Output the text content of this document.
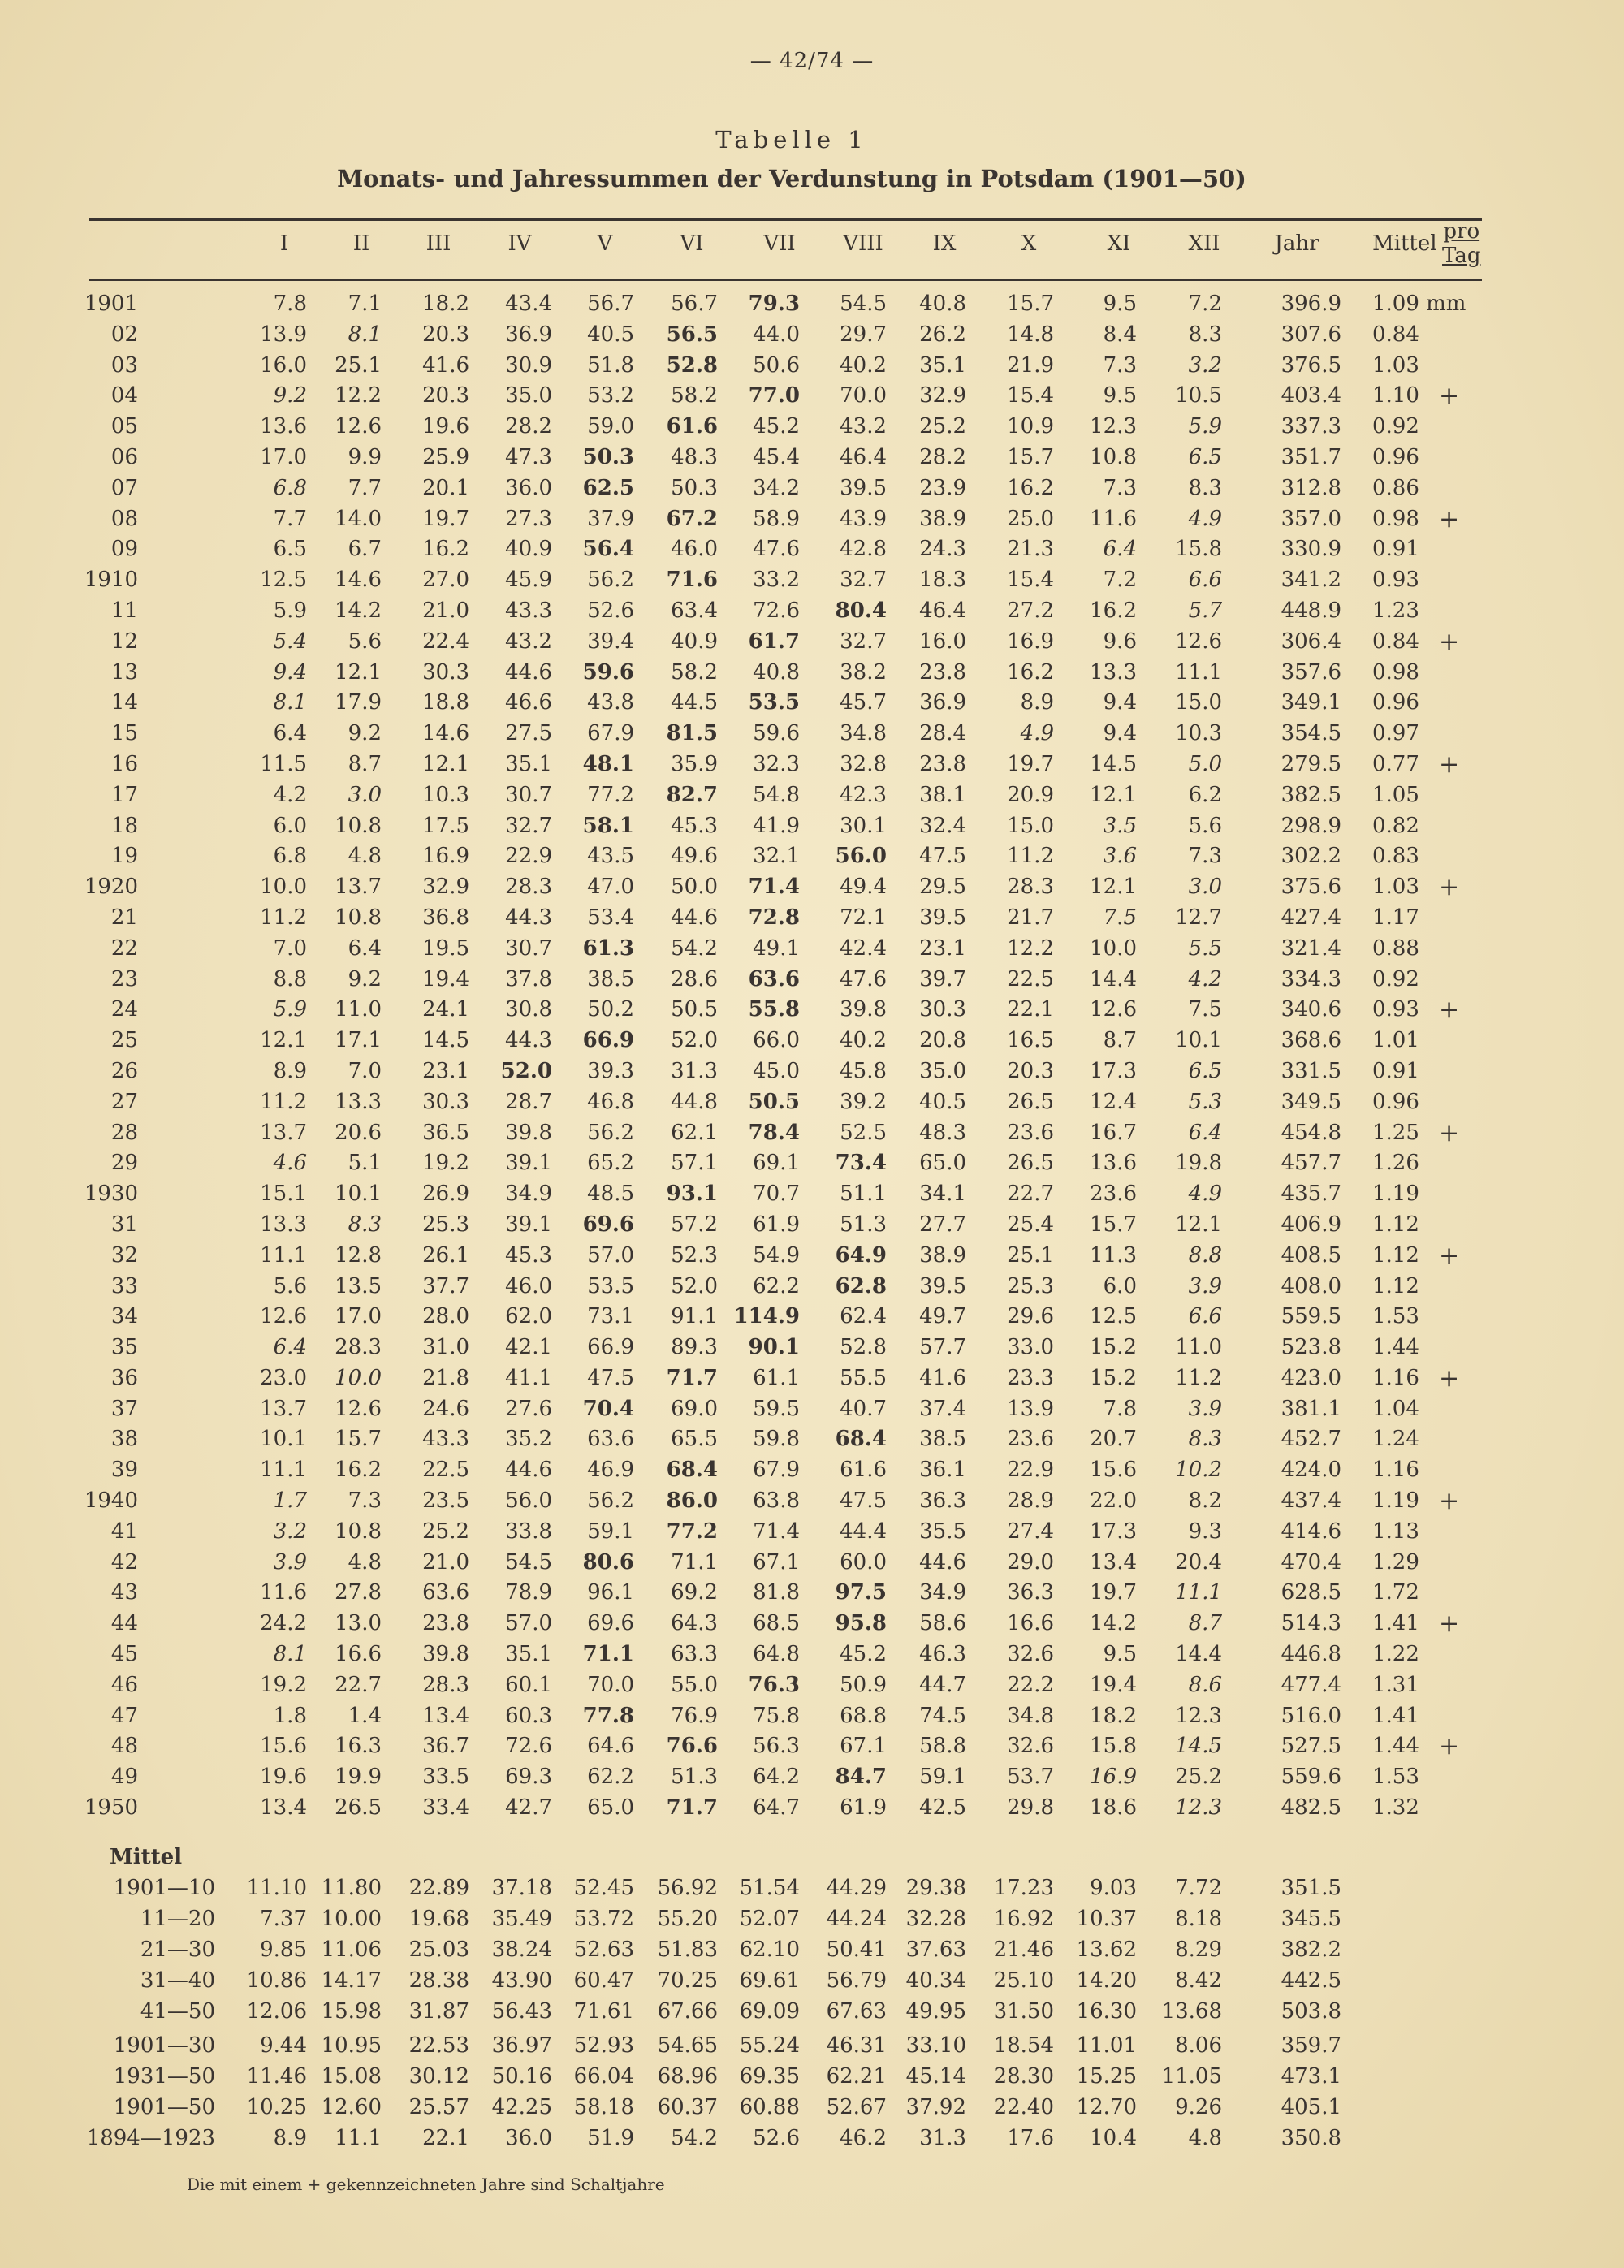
— 42/74 —
Tabelle 1
Monats- und Jahressummen der Verdunstung in Potsdam (1901—50)
I	II	III	IV	V	VI	VII	VIII	IX	X	XI	XII	Jahr	Mittel pro Tag
1901	7.8	7.1	18.2	43.4	56.7	56.7	79.3	54.5	40.8	15.7	9.5	7.2	396.9 1.09 mm
02	13.9	8.1	20.3	36.9	40.5	56.5	44.0	29.7	26.2	14.8	8.4	8.3	307.6 0.84
03	16.0	25.1	41.6	30.9	51.8	52.8	50.6	40.2	35.1	21.9	7.3	3.2	376.5 1.03
04	9.2	12.2	20.3	35.0	53.2	58.2	77.0	70.0	32.9	15.4	9.5	10.5	403.4 1.10 +
05	13.6	12.6	19.6	28.2	59.0	61.6	45.2	43.2	25.2	10.9	12.3	5.9	337.3 0.92
06	17.0	9.9	25.9	47.3	50.3	48.3	45.4	46.4	28.2	15.7	10.8	6.5	351.7 0.96
07	6.8	7.7	20.1	36.0	62.5	50.3	34.2	39.5	23.9	16.2	7.3	8.3	312.8 0.86
08	7.7	14.0	19.7	27.3	37.9	67.2	58.9	43.9	38.9	25.0	11.6	4.9	357.0 0.98 +
09	6.5	6.7	16.2	40.9	56.4	46.0	47.6	42.8	24.3	21.3	6.4	15.8	330.9 0.91
1910	12.5	14.6	27.0	45.9	56.2	71.6	33.2	32.7	18.3	15.4	7.2	6.6	341.2 0.93
11	5.9	14.2	21.0	43.3	52.6	63.4	72.6	80.4	46.4	27.2	16.2	5.7	448.9 1.23
12	5.4	5.6	22.4	43.2	39.4	40.9	61.7	32.7	16.0	16.9	9.6	12.6	306.4 0.84 +
13	9.4	12.1	30.3	44.6	59.6	58.2	40.8	38.2	23.8	16.2	13.3	11.1	357.6 0.98
14	8.1	17.9	18.8	46.6	43.8	44.5	53.5	45.7	36.9	8.9	9.4	15.0	349.1 0.96
15	6.4	9.2	14.6	27.5	67.9	81.5	59.6	34.8	28.4	4.9	9.4	10.3	354.5 0.97
16	11.5	8.7	12.1	35.1	48.1	35.9	32.3	32.8	23.8	19.7	14.5	5.0	279.5 0.77 +
17	4.2	3.0	10.3	30.7	77.2	82.7	54.8	42.3	38.1	20.9	12.1	6.2	382.5 1.05
18	6.0	10.8	17.5	32.7	58.1	45.3	41.9	30.1	32.4	15.0	3.5	5.6	298.9 0.82
19	6.8	4.8	16.9	22.9	43.5	49.6	32.1	56.0	47.5	11.2	3.6	7.3	302.2 0.83
1920	10.0	13.7	32.9	28.3	47.0	50.0	71.4	49.4	29.5	28.3	12.1	3.0	375.6 1.03 +
21	11.2	10.8	36.8	44.3	53.4	44.6	72.8	72.1	39.5	21.7	7.5	12.7	427.4 1.17
22	7.0	6.4	19.5	30.7	61.3	54.2	49.1	42.4	23.1	12.2	10.0	5.5	321.4 0.88
23	8.8	9.2	19.4	37.8	38.5	28.6	63.6	47.6	39.7	22.5	14.4	4.2	334.3 0.92
24	5.9	11.0	24.1	30.8	50.2	50.5	55.8	39.8	30.3	22.1	12.6	7.5	340.6 0.93 +
25	12.1	17.1	14.5	44.3	66.9	52.0	66.0	40.2	20.8	16.5	8.7	10.1	368.6 1.01
26	8.9	7.0	23.1	52.0	39.3	31.3	45.0	45.8	35.0	20.3	17.3	6.5	331.5 0.91
27	11.2	13.3	30.3	28.7	46.8	44.8	50.5	39.2	40.5	26.5	12.4	5.3	349.5 0.96
28	13.7	20.6	36.5	39.8	56.2	62.1	78.4	52.5	48.3	23.6	16.7	6.4	454.8 1.25 +
29	4.6	5.1	19.2	39.1	65.2	57.1	69.1	73.4	65.0	26.5	13.6	19.8	457.7 1.26
1930	15.1	10.1	26.9	34.9	48.5	93.1	70.7	51.1	34.1	22.7	23.6	4.9	435.7 1.19
31	13.3	8.3	25.3	39.1	69.6	57.2	61.9	51.3	27.7	25.4	15.7	12.1	406.9 1.12
32	11.1	12.8	26.1	45.3	57.0	52.3	54.9	64.9	38.9	25.1	11.3	8.8	408.5 1.12 +
33	5.6	13.5	37.7	46.0	53.5	52.0	62.2	62.8	39.5	25.3	6.0	3.9	408.0 1.12
34	12.6	17.0	28.0	62.0	73.1	91.1 114.9	62.4	49.7	29.6	12.5	6.6	559.5 1.53
35	6.4	28.3	31.0	42.1	66.9	89.3	90.1	52.8	57.7	33.0	15.2	11.0	523.8 1.44
36	23.0	10.0	21.8	41.1	47.5	71.7	61.1	55.5	41.6	23.3	15.2	11.2	423.0 1.16 +
37	13.7	12.6	24.6	27.6	70.4	69.0	59.5	40.7	37.4	13.9	7.8	3.9	381.1 1.04
38	10.1	15.7	43.3	35.2	63.6	65.5	59.8	68.4	38.5	23.6	20.7	8.3	452.7 1.24
39	11.1	16.2	22.5	44.6	46.9	68.4	67.9	61.6	36.1	22.9	15.6	10.2	424.0 1.16
1940	1.7	7.3	23.5	56.0	56.2	86.0	63.8	47.5	36.3	28.9	22.0	8.2	437.4 1.19 +
41	3.2	10.8	25.2	33.8	59.1	77.2	71.4	44.4	35.5	27.4	17.3	9.3	414.6 1.13
42	3.9	4.8	21.0	54.5	80.6	71.1	67.1	60.0	44.6	29.0	13.4	20.4	470.4 1.29
43	11.6	27.8	63.6	78.9	96.1	69.2	81.8	97.5	34.9	36.3	19.7	11.1	628.5 1.72
44	24.2	13.0	23.8	57.0	69.6	64.3	68.5	95.8	58.6	16.6	14.2	8.7	514.3 1.41 +
45	8.1	16.6	39.8	35.1	71.1	63.3	64.8	45.2	46.3	32.6	9.5	14.4	446.8 1.22
46	19.2	22.7	28.3	60.1	70.0	55.0	76.3	50.9	44.7	22.2	19.4	8.6	477.4 1.31
47	1.8	1.4	13.4	60.3	77.8	76.9	75.8	68.8	74.5	34.8	18.2	12.3	516.0 1.41
48	15.6	16.3	36.7	72.6	64.6	76.6	56.3	67.1	58.8	32.6	15.8	14.5	527.5 1.44 +
49	19.6	19.9	33.5	69.3	62.2	51.3	64.2	84.7	59.1	53.7	16.9	25.2	559.6 1.53
1950	13.4	26.5	33.4	42.7	65.0	71.7	64.7	61.9	42.5	29.8	18.6	12.3	482.5 1.32
Mittel
1901—10	11.10 11.80	22.89	37.18	52.45	56.92	51.54	44.29 29.38	17.23	9.03	7.72	351.5
11—20	7.37 10.00	19.68	35.49	53.72	55.20	52.07	44.24 32.28	16.92	10.37	8.18	345.5
21—30	9.85 11.06	25.03	38.24	52.63	51.83	62.10	50.41 37.63	21.46	13.62	8.29	382.2
31—40	10.86 14.17	28.38	43.90	60.47	70.25	69.61	56.79 40.34	25.10	14.20	8.42	442.5
41—50	12.06 15.98	31.87	56.43	71.61	67.66	69.09	67.63 49.95	31.50	16.30	13.68	503.8
1901—30	9.44 10.95	22.53	36.97	52.93	54.65	55.24	46.31 33.10	18.54	11.01	8.06	359.7
1931—50	11.46 15.08	30.12	50.16	66.04	68.96	69.35	62.21 45.14	28.30	15.25	11.05	473.1
1901—50	10.25 12.60	25.57	42.25	58.18	60.37	60.88	52.67 37.92	22.40	12.70	9.26	405.1
1894—1923	8.9	11.1	22.1	36.0	51.9	54.2	52.6	46.2	31.3	17.6	10.4	4.8	350.8
Die mit einem + gekennzeichneten Jahre sind Schaltjahre
